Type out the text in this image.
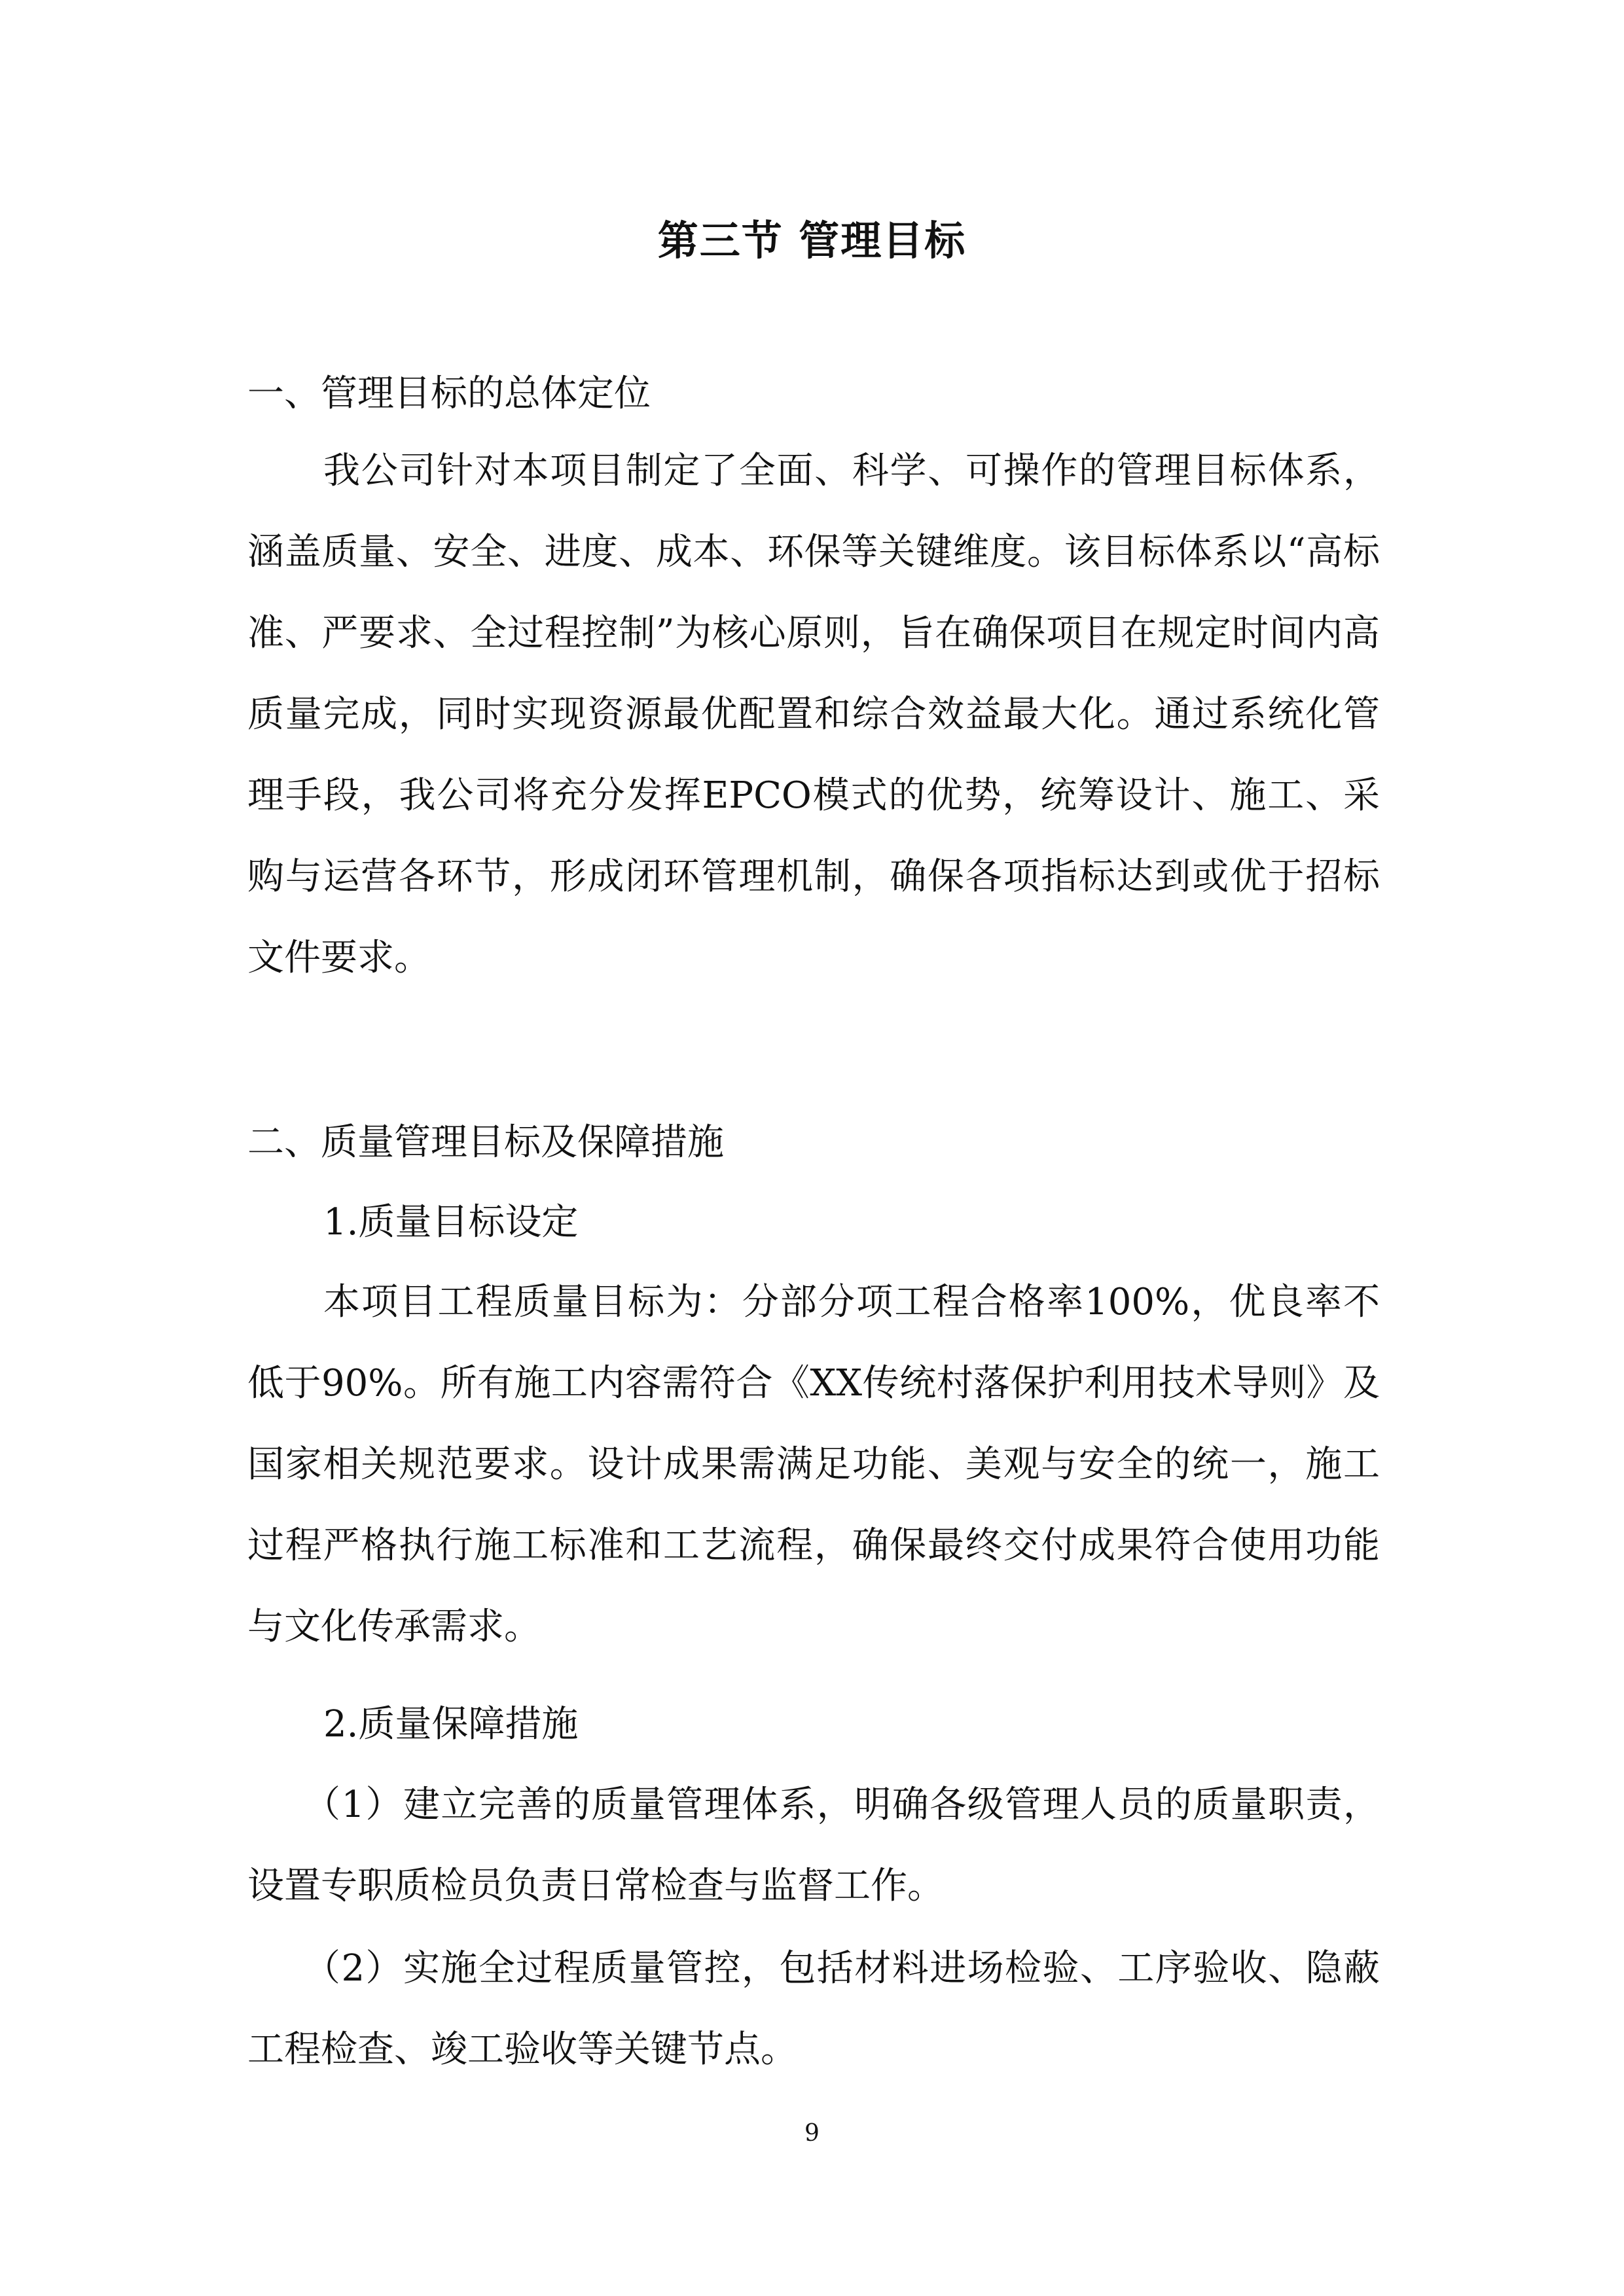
第三节 管理目标
一、管理目标的总体定位

我公司针对本项目制定了全面、科学、可操作的管理目标体系，涵盖质量、安全、进度、成本、环保等关键维度。该目标体系以“高标准、严要求、全过程控制”为核心原则，旨在确保项目在规定时间内高质量完成，同时实现资源最优配置和综合效益最大化。通过系统化管理手段，我公司将充分发挥EPCO模式的优势，统筹设计、施工、采购与运营各环节，形成闭环管理机制，确保各项指标达到或优于招标文件要求。

二、质量管理目标及保障措施
1.质量目标设定

本项目工程质量目标为：分部分项工程合格率100%，优良率不低于90%。所有施工内容需符合《XX传统村落保护利用技术导则》及国家相关规范要求。设计成果需满足功能、美观与安全的统一，施工过程严格执行施工标准和工艺流程，确保最终交付成果符合使用功能与文化传承需求。

2.质量保障措施

（1）建立完善的质量管理体系，明确各级管理人员的质量职责，设置专职质检员负责日常检查与监督工作。

（2）实施全过程质量管控，包括材料进场检验、工序验收、隐蔽工程检查、竣工验收等关键节点。

9
